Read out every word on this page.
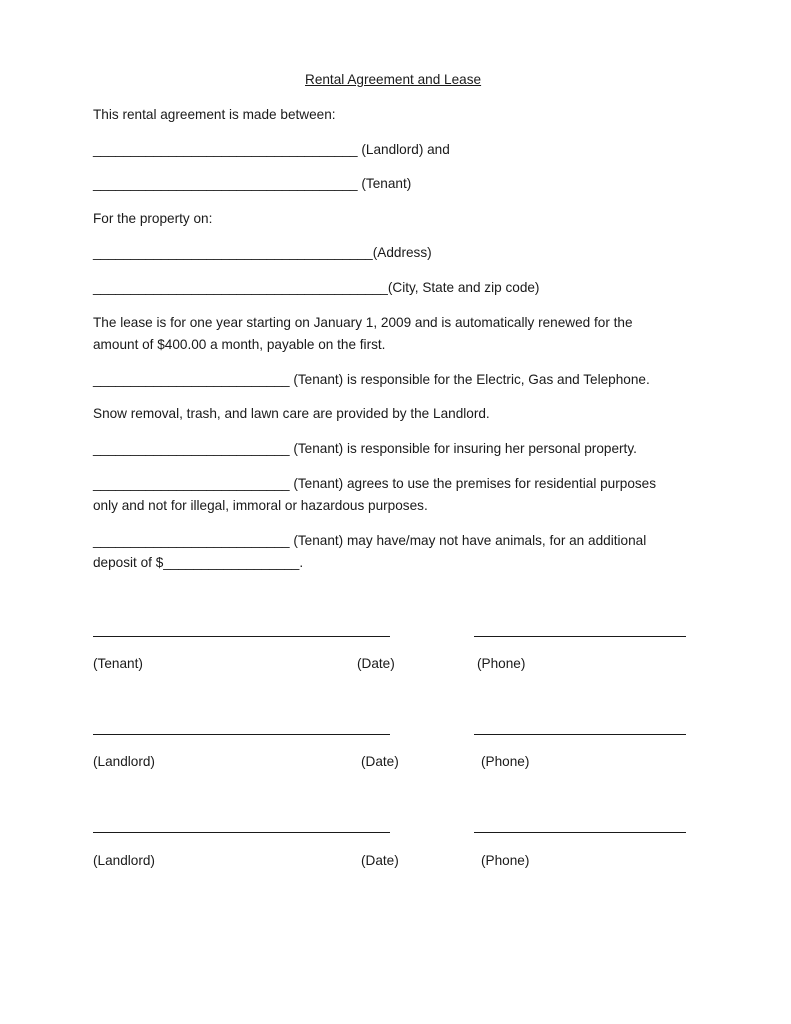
Rental Agreement and Lease
This rental agreement is made between:
___________________________________ (Landlord) and
___________________________________ (Tenant)
For the property on:
_____________________________________(Address)
_______________________________________(City, State and zip code)
The lease is for one year starting on January 1, 2009 and is automatically renewed for the
amount of $400.00 a month, payable on the first.
__________________________ (Tenant) is responsible for the Electric, Gas and Telephone.
Snow removal, trash, and lawn care are provided by the Landlord.
__________________________ (Tenant) is responsible for insuring her personal property.
__________________________ (Tenant) agrees to use the premises for residential purposes
only and not for illegal, immoral or hazardous purposes.
__________________________ (Tenant) may have/may not have animals, for an additional
deposit of $__________________.
(Tenant)	(Date)	(Phone)
(Landlord)	(Date)	(Phone)
(Landlord)	(Date)	(Phone)
